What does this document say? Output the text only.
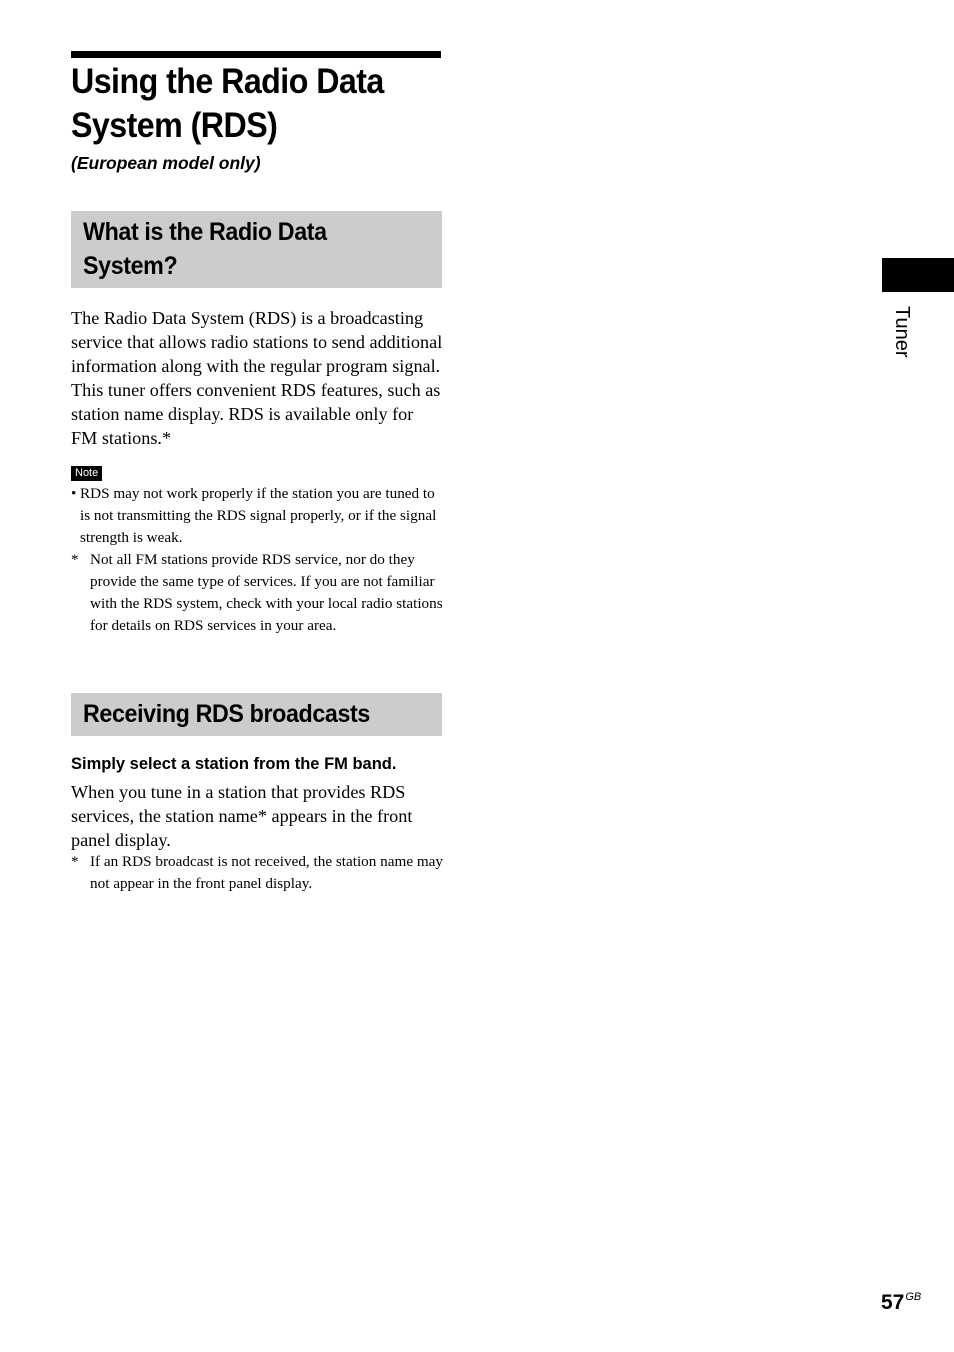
Using the Radio Data
System (RDS)

(European model only)

What is the Radio Data
System?

The Radio Data System (RDS) is a broadcasting service that allows radio stations to send additional information along with the regular program signal. This tuner offers convenient RDS features, such as station name display. RDS is available only for FM stations.*

Note
• RDS may not work properly if the station you are tuned to is not transmitting the RDS signal properly, or if the signal strength is weak.
* Not all FM stations provide RDS service, nor do they provide the same type of services. If you are not familiar with the RDS system, check with your local radio stations for details on RDS services in your area.
Receiving RDS broadcasts

Simply select a station from the FM band.

When you tune in a station that provides RDS services, the station name* appears in the front panel display.

* If an RDS broadcast is not received, the station name may not appear in the front panel display.
Tuner
$57^{GB}$
